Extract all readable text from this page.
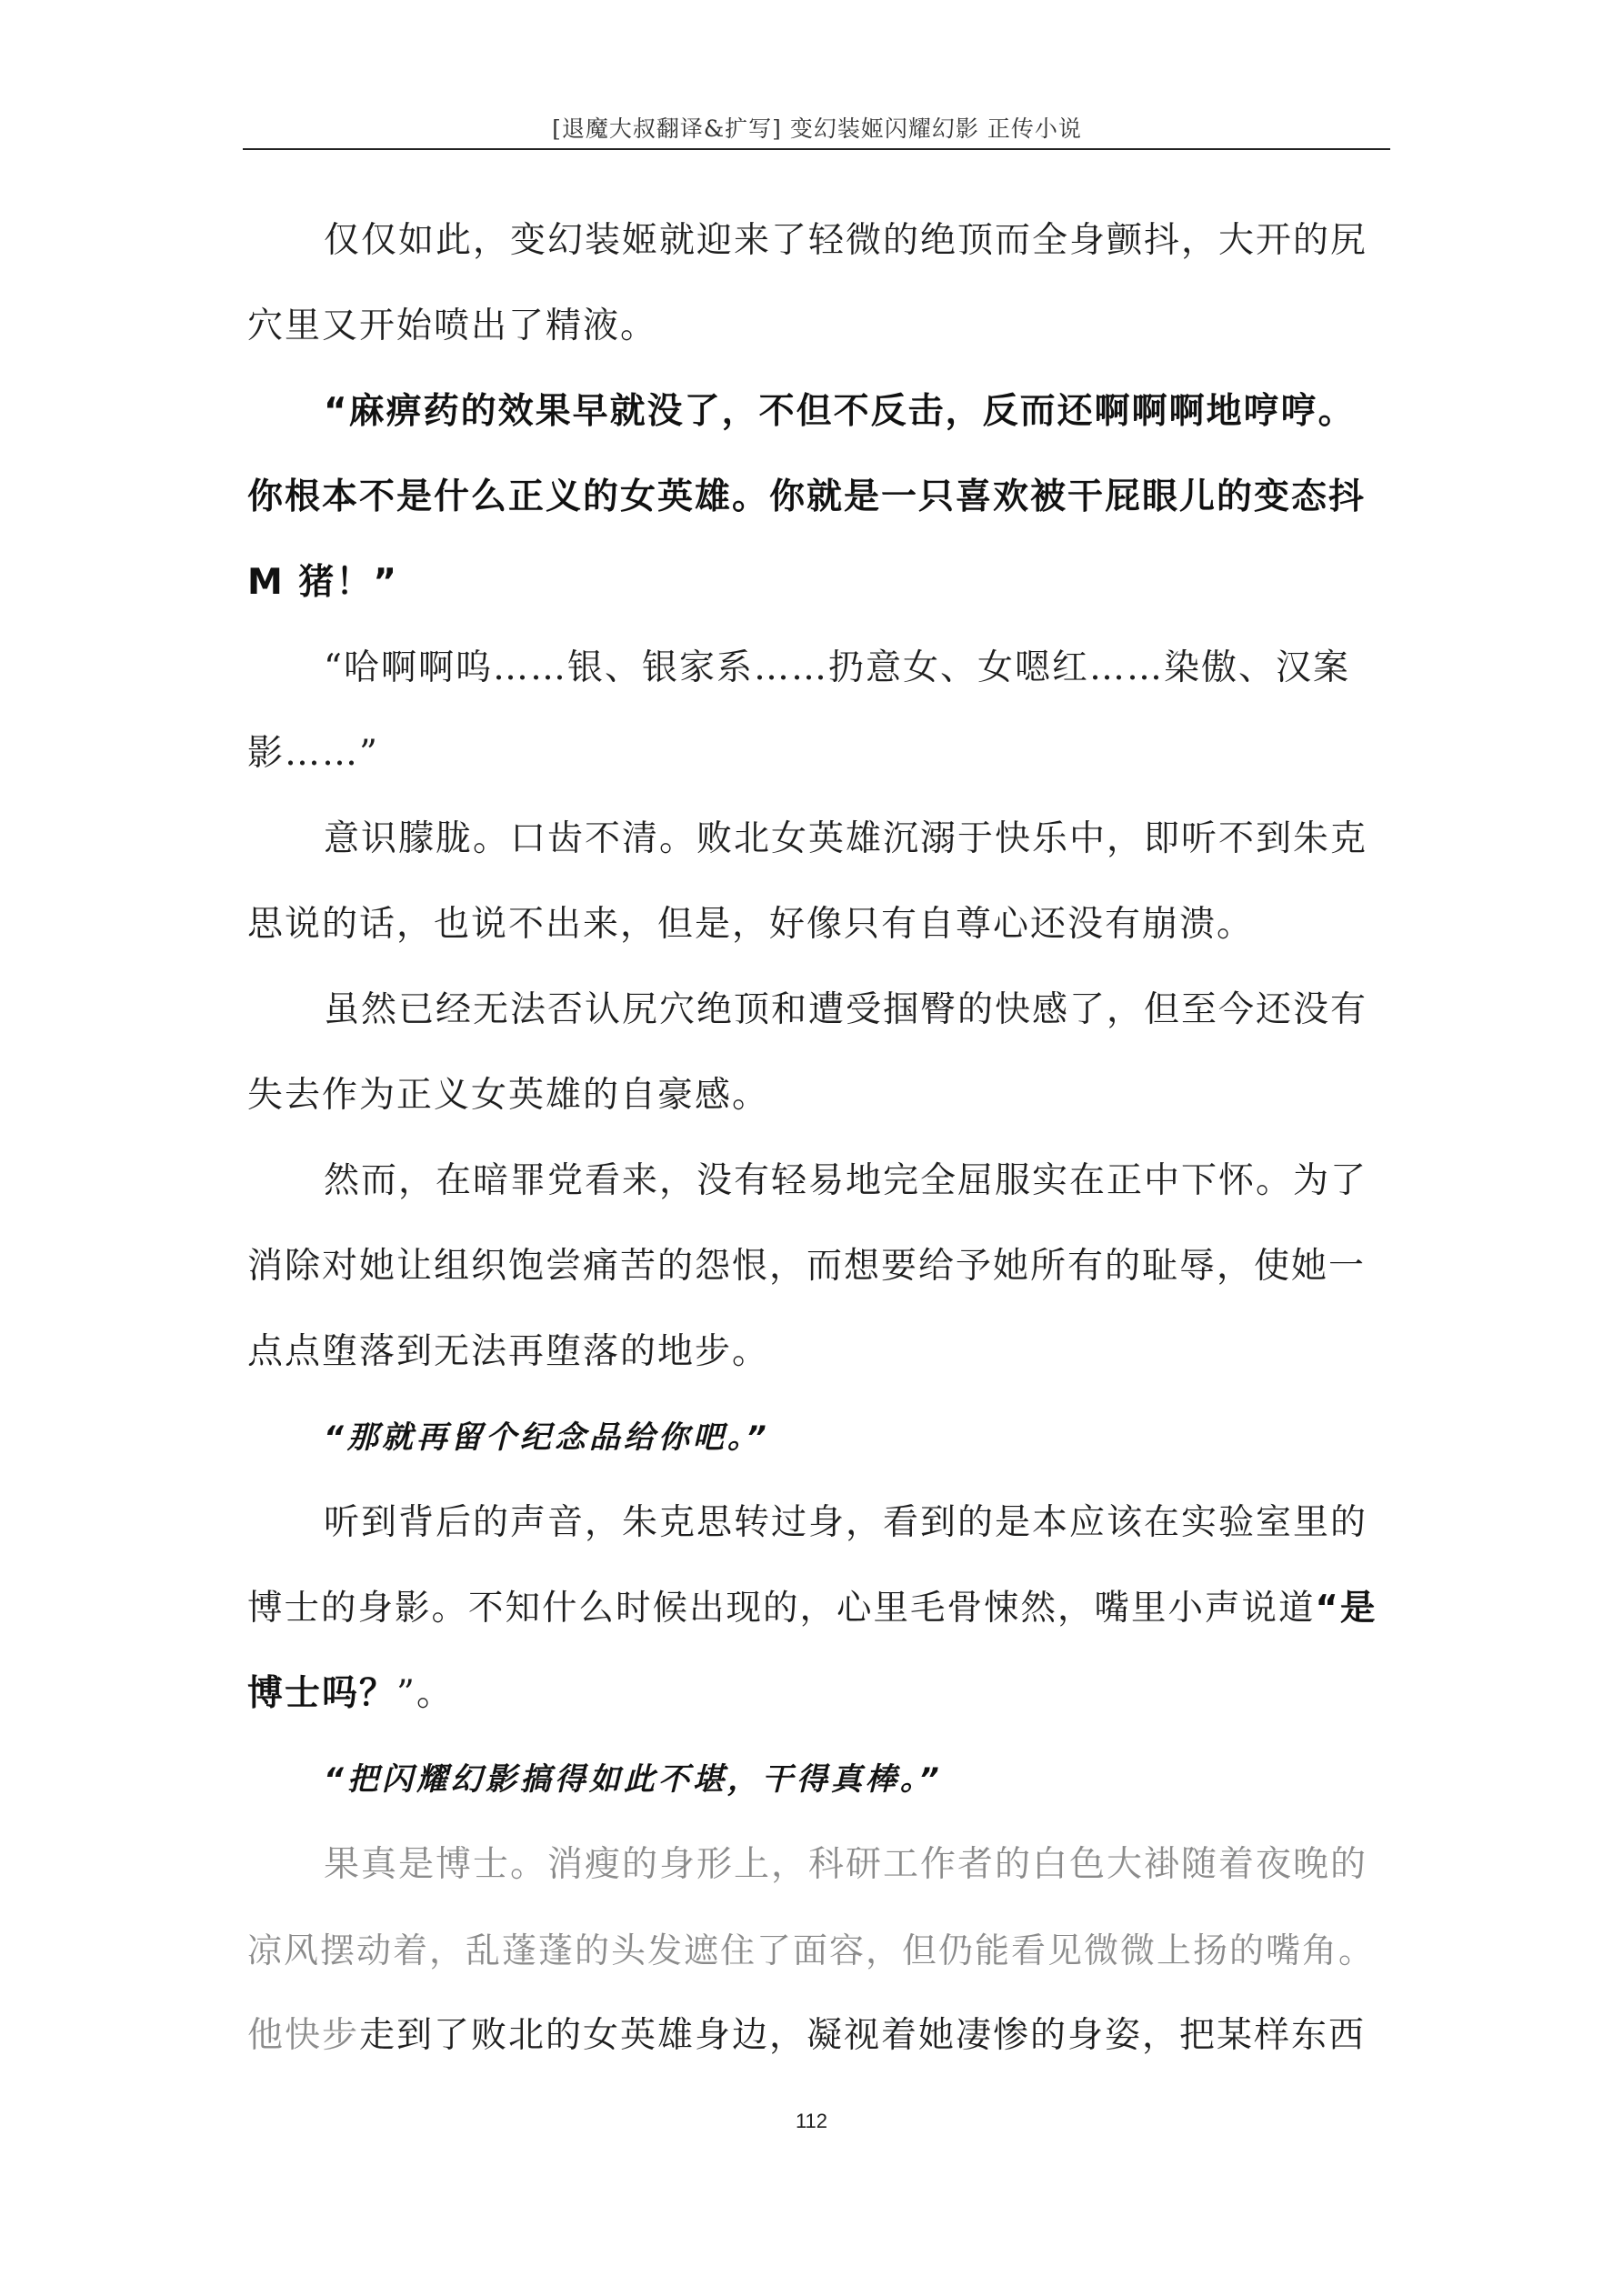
[退魔大叔翻译&扩写] 变幻装姬闪耀幻影 正传小说
仅仅如此，变幻装姬就迎来了轻微的绝顶而全身颤抖，大开的尻
穴里又开始喷出了精液。
“麻痹药的效果早就没了，不但不反击，反而还啊啊啊地哼哼。
你根本不是什么正义的女英雄。你就是一只喜欢被干屁眼儿的变态抖
M 猪！”
“哈啊啊呜……银、银家系……扔意女、女嗯红……染傲、汉案
影……”
意识朦胧。口齿不清。败北女英雄沉溺于快乐中，即听不到朱克
思说的话，也说不出来，但是，好像只有自尊心还没有崩溃。
虽然已经无法否认尻穴绝顶和遭受掴臀的快感了，但至今还没有
失去作为正义女英雄的自豪感。
然而，在暗罪党看来，没有轻易地完全屈服实在正中下怀。为了
消除对她让组织饱尝痛苦的怨恨，而想要给予她所有的耻辱，使她一
点点堕落到无法再堕落的地步。
“那就再留个纪念品给你吧。”
听到背后的声音，朱克思转过身，看到的是本应该在实验室里的
博士的身影。不知什么时候出现的，心里毛骨悚然，嘴里小声说道“是
博士吗？”。
“把闪耀幻影搞得如此不堪，干得真棒。”
果真是博士。消瘦的身形上，科研工作者的白色大褂随着夜晚的
凉风摆动着，乱蓬蓬的头发遮住了面容，但仍能看见微微上扬的嘴角。
他快步走到了败北的女英雄身边，凝视着她凄惨的身姿，把某样东西
112
